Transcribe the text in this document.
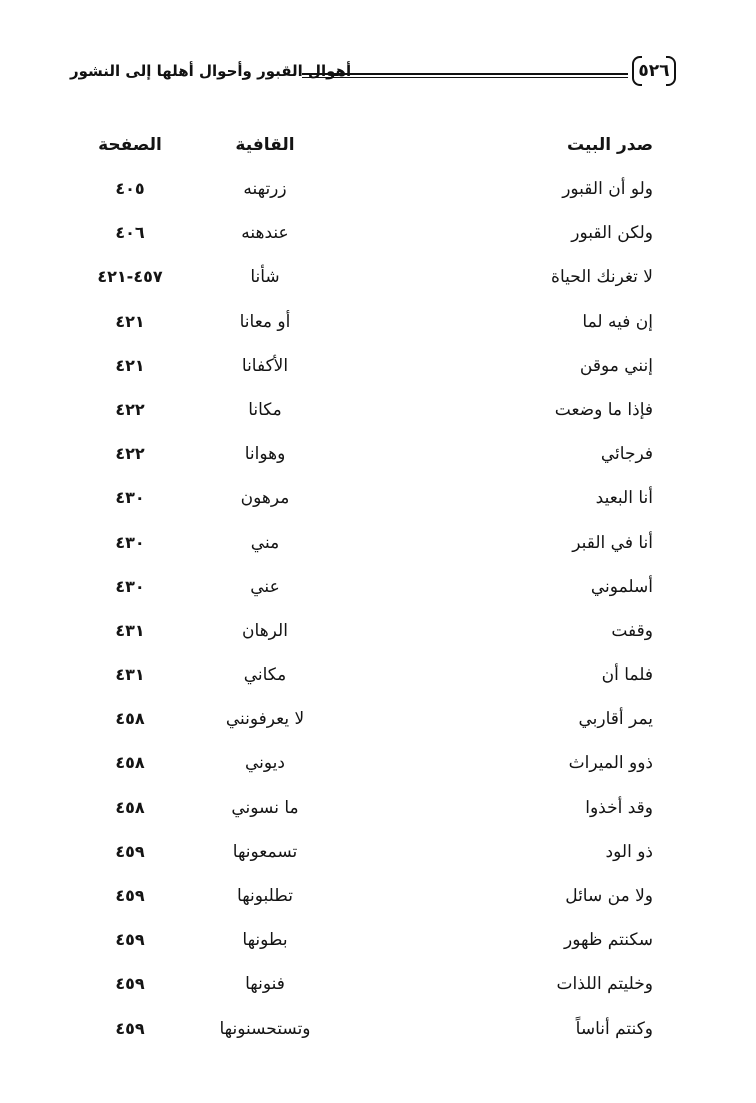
أهوال القبور وأحوال أهلها إلى النشور	٥٢٦
صدر البيت
القافية
الصفحة
ولو أن القبور
زرتهنه
٤٠٥
ولكن القبور
عندهنه
٤٠٦
لا تغرنك الحياة
شأنا
٤٥٧-٤٢١
إن فيه لما
أو معانا
٤٢١
إنني موقن
الأكفانا
٤٢١
فإذا ما وضعت
مكانا
٤٢٢
فرجائي
وهوانا
٤٢٢
أنا البعيد
مرهون
٤٣٠
أنا في القبر
مني
٤٣٠
أسلموني
عني
٤٣٠
وقفت
الرهان
٤٣١
فلما أن
مكاني
٤٣١
يمر أقاربي
لا يعرفونني
٤٥٨
ذوو الميراث
ديوني
٤٥٨
وقد أخذوا
ما نسوني
٤٥٨
ذو الود
تسمعونها
٤٥٩
ولا من سائل
تطلبونها
٤٥٩
سكنتم ظهور
بطونها
٤٥٩
وخليتم اللذات
فنونها
٤٥٩
وكنتم أناساً
وتستحسنونها
٤٥٩
